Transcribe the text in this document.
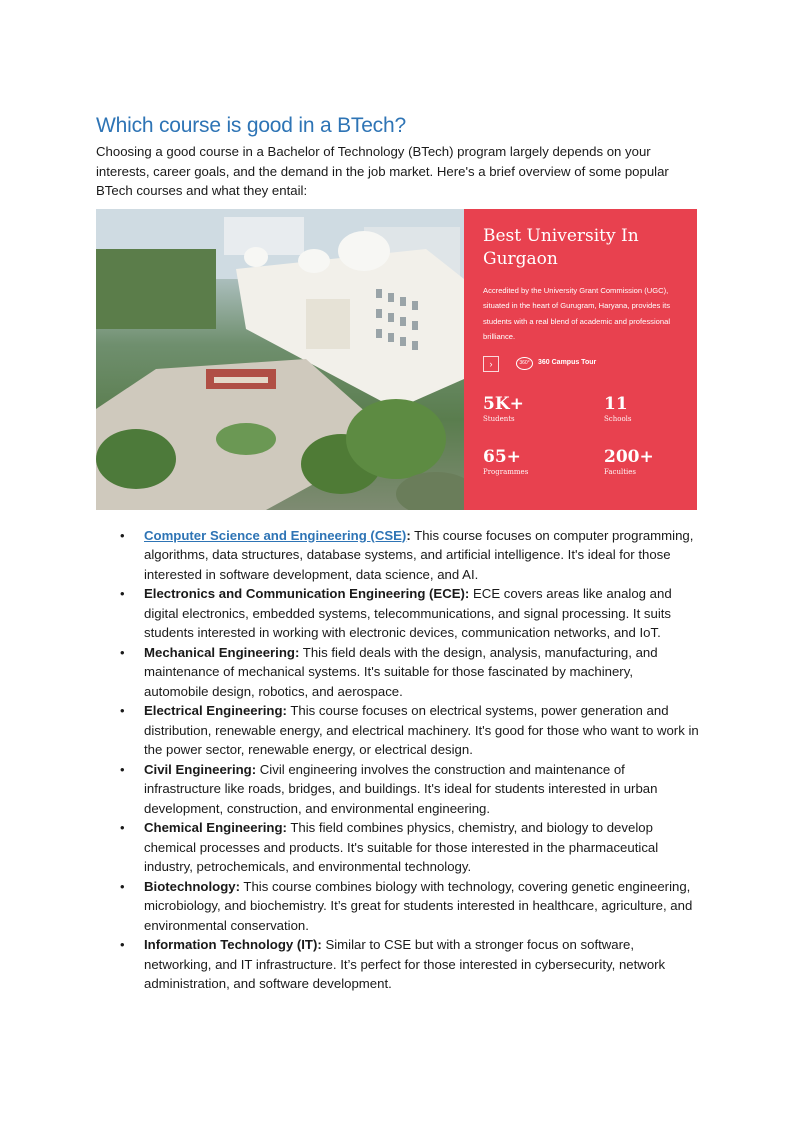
Which course is good in a BTech?

Choosing a good course in a Bachelor of Technology (BTech) program largely depends on your interests, career goals, and the demand in the job market. Here's a brief overview of some popular BTech courses and what they entail:

Best University In Gurgaon
Accredited by the University Grant Commission (UGC), situated in the heart of Gurugram, Haryana, provides its students with a real blend of academic and professional brilliance.
›	360°	360 Campus Tour
5K+
Students
11
Schools
65+
Programmes
200+
Faculties
• Computer Science and Engineering (CSE): This course focuses on computer programming, algorithms, data structures, database systems, and artificial intelligence. It's ideal for those interested in software development, data science, and AI.
• Electronics and Communication Engineering (ECE): ECE covers areas like analog and digital electronics, embedded systems, telecommunications, and signal processing. It suits students interested in working with electronic devices, communication networks, and IoT.
• Mechanical Engineering: This field deals with the design, analysis, manufacturing, and maintenance of mechanical systems. It's suitable for those fascinated by machinery, automobile design, robotics, and aerospace.
• Electrical Engineering: This course focuses on electrical systems, power generation and distribution, renewable energy, and electrical machinery. It's good for those who want to work in the power sector, renewable energy, or electrical design.
• Civil Engineering: Civil engineering involves the construction and maintenance of infrastructure like roads, bridges, and buildings. It's ideal for students interested in urban development, construction, and environmental engineering.
• Chemical Engineering: This field combines physics, chemistry, and biology to develop chemical processes and products. It's suitable for those interested in the pharmaceutical industry, petrochemicals, and environmental technology.
• Biotechnology: This course combines biology with technology, covering genetic engineering, microbiology, and biochemistry. It’s great for students interested in healthcare, agriculture, and environmental conservation.
• Information Technology (IT): Similar to CSE but with a stronger focus on software, networking, and IT infrastructure. It’s perfect for those interested in cybersecurity, network administration, and software development.
